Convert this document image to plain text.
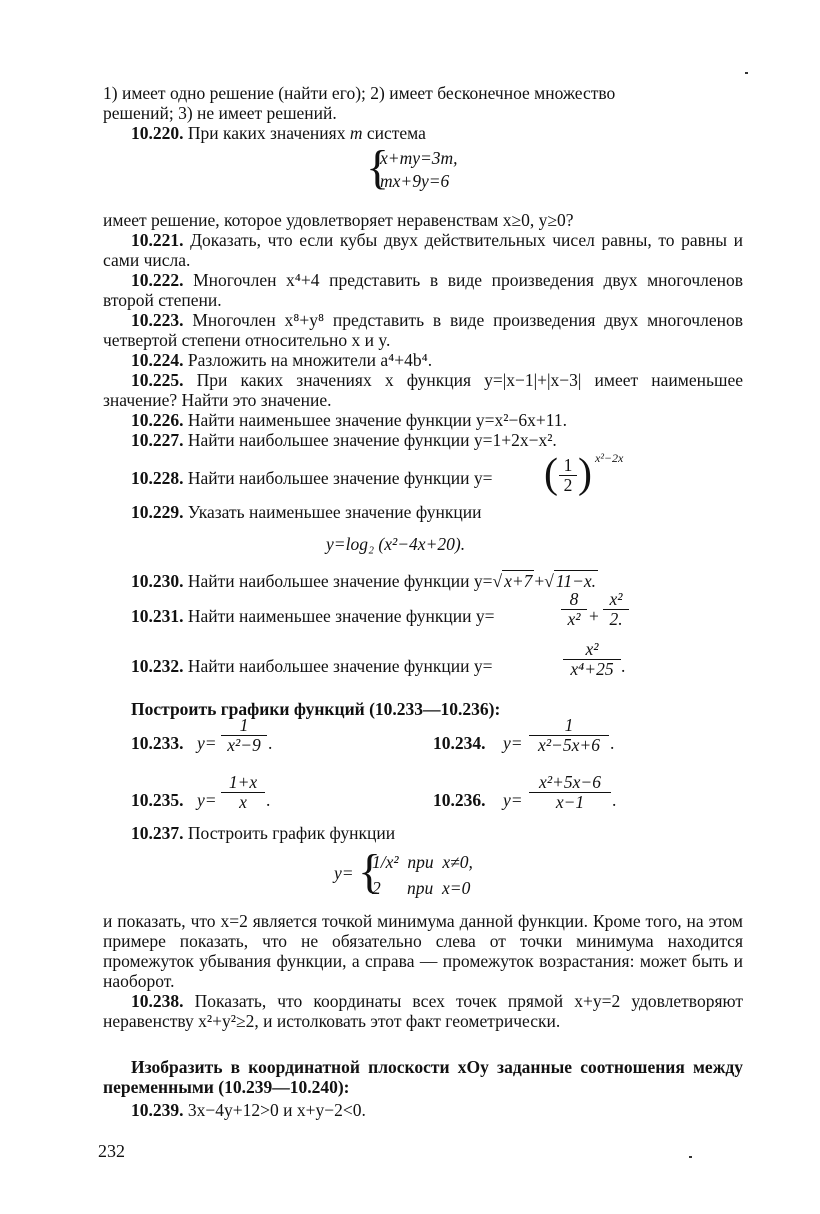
1) имеет одно решение (найти его); 2) имеет бесконечное множество
решений; 3) не имеет решений.
10.220. При каких значениях m система
{
x+my=3m,
mx+9y=6
имеет решение, которое удовлетворяет неравенствам x≥0, y≥0?
10.221. Доказать, что если кубы двух действительных чисел равны, то равны и сами числа.
10.222. Многочлен x⁴+4 представить в виде произведения двух многочленов второй степени.
10.223. Многочлен x⁸+y⁸ представить в виде произведения двух многочленов четвертой степени относительно x и y.
10.224. Разложить на множители a⁴+4b⁴.
10.225. При каких значениях x функция y=|x−1|+|x−3| имеет наименьшее значение? Найти это значение.
10.226. Найти наименьшее значение функции y=x²−6x+11.
10.227. Найти наибольшее значение функции y=1+2x−x².
10.228. Найти наибольшее значение функции y= ( $\frac{1}{2}$ ) x²−2x
10.229. Указать наименьшее значение функции
y=log₂ (x²−4x+20).
10.230. Найти наибольшее значение функции y=√ x+7 +√ 11−x.
10.231. Найти наименьшее значение функции y=	$\frac{8}{\text{x²}} + \frac{\text{x²}}{2.}$
10.232. Найти наибольшее значение функции y=	$\frac{\text{x²}}{\text{x⁴+25}}$ .
Построить графики функций (10.233—10.236):
10.233. $y= \frac{1}{\text{x²−9}}$ .	10.234. $y= \frac{1}{\text{x²−5x+6}}$ .
10.235. $y= \frac{1+x}{x}$ .	10.236. $y= \frac{\text{x²+5x−6}}{x-1}$ .
10.237. Построить график функции
y= {
1/x²  при  x≠0,
2      при  x=0
и показать, что x=2 является точкой минимума данной функции. Кроме того, на этом примере показать, что не обязательно слева от точки минимума находится промежуток убывания функции, а справа — промежуток возрастания: может быть и наоборот.
10.238. Показать, что координаты всех точек прямой x+y=2 удовлетворяют неравенству x²+y²≥2, и истолковать этот факт геометрически.
Изобразить в координатной плоскости xOy заданные соотношения между переменными (10.239—10.240):
10.239. 3x−4y+12>0 и x+y−2<0.
232
